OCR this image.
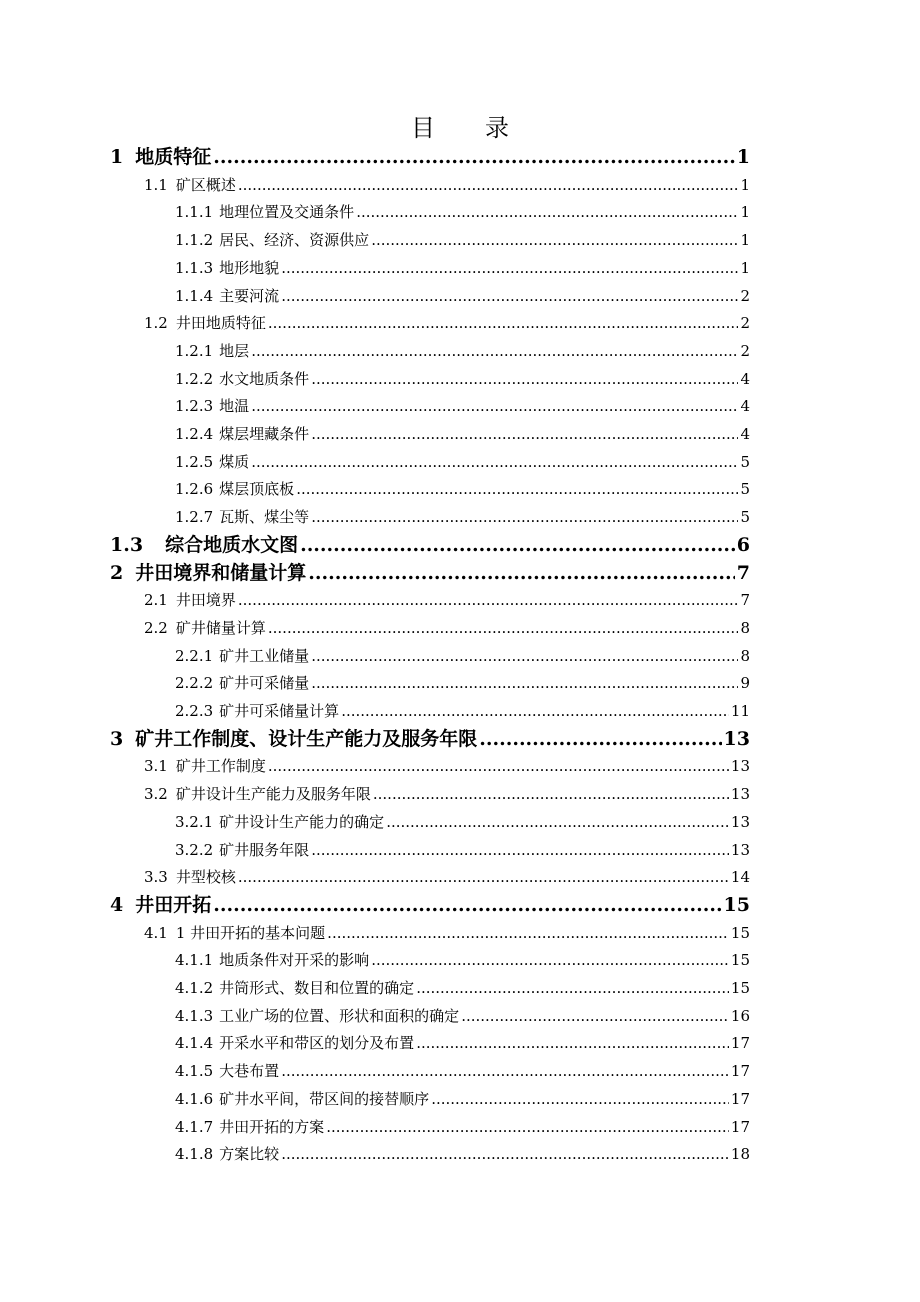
目 录
1 地质特征 .....	1
1.1 矿区概述 .....	1
1.1.1 地理位置及交通条件 .....	1
1.1.2 居民、经济、资源供应 .....	1
1.1.3 地形地貌 .....	1
1.1.4 主要河流 .....	2
1.2 井田地质特征 .....	2
1.2.1 地层 .....	2
1.2.2 水文地质条件 .....	4
1.2.3 地温 .....	4
1.2.4 煤层埋藏条件 .....	4
1.2.5 煤质 .....	5
1.2.6 煤层顶底板 .....	5
1.2.7 瓦斯、煤尘等 .....	5
1.3 综合地质水文图 .....	6
2 井田境界和储量计算 .....	7
2.1 井田境界 .....	7
2.2 矿井储量计算 .....	8
2.2.1 矿井工业储量 .....	8
2.2.2 矿井可采储量 .....	9
2.2.3 矿井可采储量计算 .....	11
3 矿井工作制度、设计生产能力及服务年限 .....	13
3.1 矿井工作制度 .....	13
3.2 矿井设计生产能力及服务年限 .....	13
3.2.1 矿井设计生产能力的确定 .....	13
3.2.2 矿井服务年限 .....	13
3.3 井型校核 .....	14
4 井田开拓 .....	15
4.1 1 井田开拓的基本问题 .....	15
4.1.1 地质条件对开采的影响 .....	15
4.1.2 井筒形式、数目和位置的确定 .....	15
4.1.3 工业广场的位置、形状和面积的确定 .....	16
4.1.4 开采水平和带区的划分及布置 .....	17
4.1.5 大巷布置 .....	17
4.1.6 矿井水平间，带区间的接替顺序 .....	17
4.1.7 井田开拓的方案 .....	17
4.1.8 方案比较 .....	18
